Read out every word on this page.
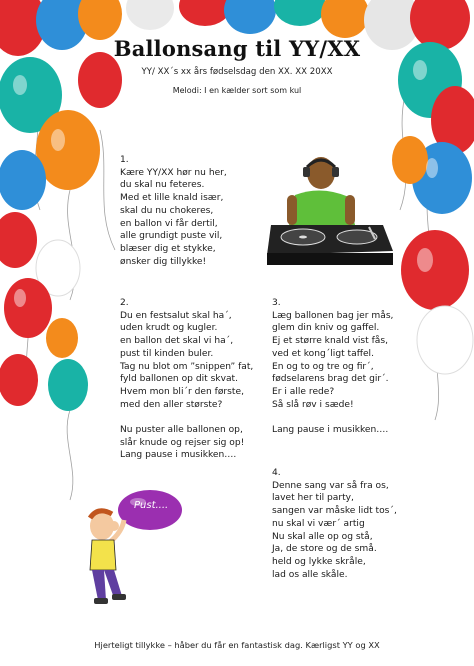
Pust....
Ballonsang til YY/XX
YY/ XX´s xx års fødselsdag den XX. XX 20XX
Melodi: I en kælder sort som kul
1.
Kære YY/XX hør nu her,
du skal nu feteres.
Med et lille knald især,
skal du nu chokeres,
en ballon vi får dertil,
alle grundigt puste vil,
blæser dig et stykke,
ønsker dig tillykke!
2.
Du en festsalut skal ha´,
uden krudt og kugler.
en ballon det skal vi ha´,
pust til kinden buler.
Tag nu blot om ”snippen” fat,
fyld ballonen op dit skvat.
Hvem mon bli´r den første,
med den aller største?
Nu puster alle ballonen op,
slår knude og rejser sig op!
Lang pause i musikken….
3.
Læg ballonen bag jer mås,
glem din kniv og gaffel.
Ej et større knald vist fås,
ved et kong´ligt taffel.
En og to og tre og fir´,
fødselarens brag det gir´.
Er i alle rede?
Så slå røv i sæde!
Lang pause i musikken….
4.
Denne sang var så fra os,
lavet her til party,
sangen var måske lidt tos´,
nu skal vi vær´ artig
Nu skal alle op og stå,
Ja, de store og de små.
held og lykke skråle,
lad os alle skåle.
Hjerteligt tillykke – håber du får en fantastisk dag. Kærligst YY og XX
